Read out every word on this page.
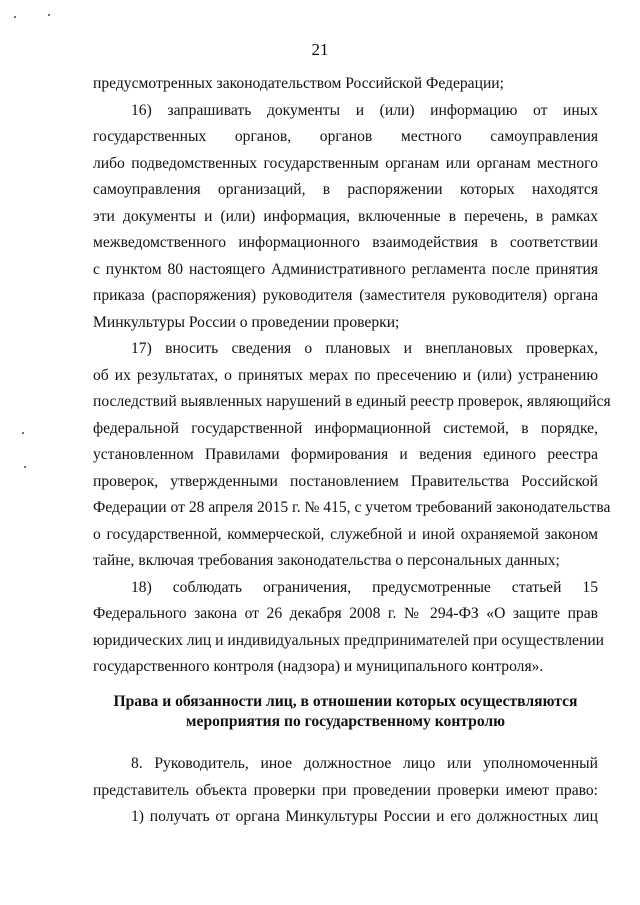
21

предусмотренных законодательством Российской Федерации;

16) запрашивать документы и (или) информацию от иных

государственных органов, органов местного самоуправления

либо подведомственных государственным органам или органам местного

самоуправления организаций, в распоряжении которых находятся

эти документы и (или) информация, включенные в перечень, в рамках

межведомственного информационного взаимодействия в соответствии

с пунктом 80 настоящего Административного регламента после принятия

приказа (распоряжения) руководителя (заместителя руководителя) органа

Минкультуры России о проведении проверки;

17) вносить сведения о плановых и внеплановых проверках,

об их результатах, о принятых мерах по пресечению и (или) устранению

последствий выявленных нарушений в единый реестр проверок, являющийся

федеральной государственной информационной системой, в порядке,

установленном Правилами формирования и ведения единого реестра

проверок, утвержденными постановлением Правительства Российской

Федерации от 28 апреля 2015 г. № 415, с учетом требований законодательства

о государственной, коммерческой, служебной и иной охраняемой законом

тайне, включая требования законодательства о персональных данных;

18) соблюдать ограничения, предусмотренные статьей 15

Федерального закона от 26 декабря 2008 г. № 294-ФЗ «О защите прав

юридических лиц и индивидуальных предпринимателей при осуществлении

государственного контроля (надзора) и муниципального контроля».

Права и обязанности лиц, в отношении которых осуществляются
мероприятия по государственному контролю

8. Руководитель, иное должностное лицо или уполномоченный

представитель объекта проверки при проведении проверки имеют право:

1) получать от органа Минкультуры России и его должностных лиц
